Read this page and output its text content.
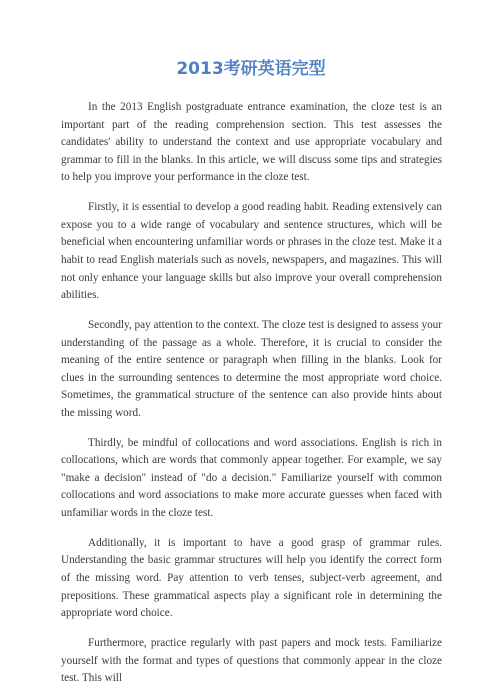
2013考研英语完型

In the 2013 English postgraduate entrance examination, the cloze test is an important part of the reading comprehension section. This test assesses the candidates' ability to understand the context and use appropriate vocabulary and grammar to fill in the blanks. In this article, we will discuss some tips and strategies to help you improve your performance in the cloze test.

Firstly, it is essential to develop a good reading habit. Reading extensively can expose you to a wide range of vocabulary and sentence structures, which will be beneficial when encountering unfamiliar words or phrases in the cloze test. Make it a habit to read English materials such as novels, newspapers, and magazines. This will not only enhance your language skills but also improve your overall comprehension abilities.

Secondly, pay attention to the context. The cloze test is designed to assess your understanding of the passage as a whole. Therefore, it is crucial to consider the meaning of the entire sentence or paragraph when filling in the blanks. Look for clues in the surrounding sentences to determine the most appropriate word choice. Sometimes, the grammatical structure of the sentence can also provide hints about the missing word.

Thirdly, be mindful of collocations and word associations. English is rich in collocations, which are words that commonly appear together. For example, we say "make a decision" instead of "do a decision." Familiarize yourself with common collocations and word associations to make more accurate guesses when faced with unfamiliar words in the cloze test.

Additionally, it is important to have a good grasp of grammar rules. Understanding the basic grammar structures will help you identify the correct form of the missing word. Pay attention to verb tenses, subject-verb agreement, and prepositions. These grammatical aspects play a significant role in determining the appropriate word choice.

Furthermore, practice regularly with past papers and mock tests. Familiarize yourself with the format and types of questions that commonly appear in the cloze test. This will
